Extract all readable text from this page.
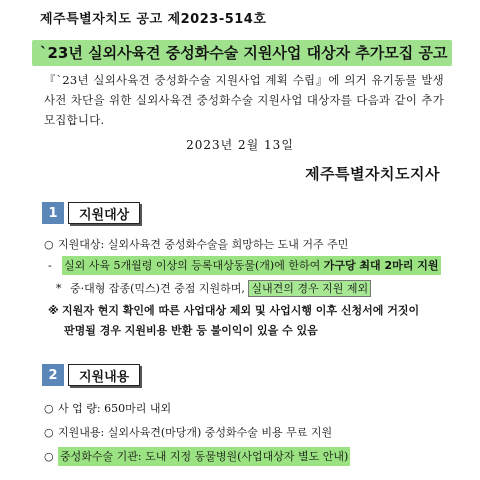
제주특별자치도 공고 제2023-514호
`23년 실외사육견 중성화수술 지원사업 대상자 추가모집 공고
『`23년 실외사육견 중성화수술 지원사업 계획 수립』에 의거 유기동물 발생 사전 차단을 위한 실외사육견 중성화수술 지원사업 대상자를 다음과 같이 추가 모집합니다.
2023년 2월 13일
제주특별자치도지사
1	지원대상
○ 지원대상: 실외사육견 중성화수술을 희망하는 도내 거주 주민
- 실외 사육 5개월령 이상의 등록대상동물(개)에 한하여 가구당 최대 2마리 지원
* 중·대형 잡종(믹스)견 중점 지원하며, 실내견의 경우 지원 제외
※ 지원자 현지 확인에 따른 사업대상 제외 및 사업시행 이후 신청서에 거짓이
판명될 경우 지원비용 반환 등 불이익이 있을 수 있음
2	지원내용
○ 사 업 량: 650마리 내외
○ 지원내용: 실외사육견(마당개) 중성화수술 비용 무료 지원
○ 중성화수술 기관: 도내 지정 동물병원(사업대상자 별도 안내)
